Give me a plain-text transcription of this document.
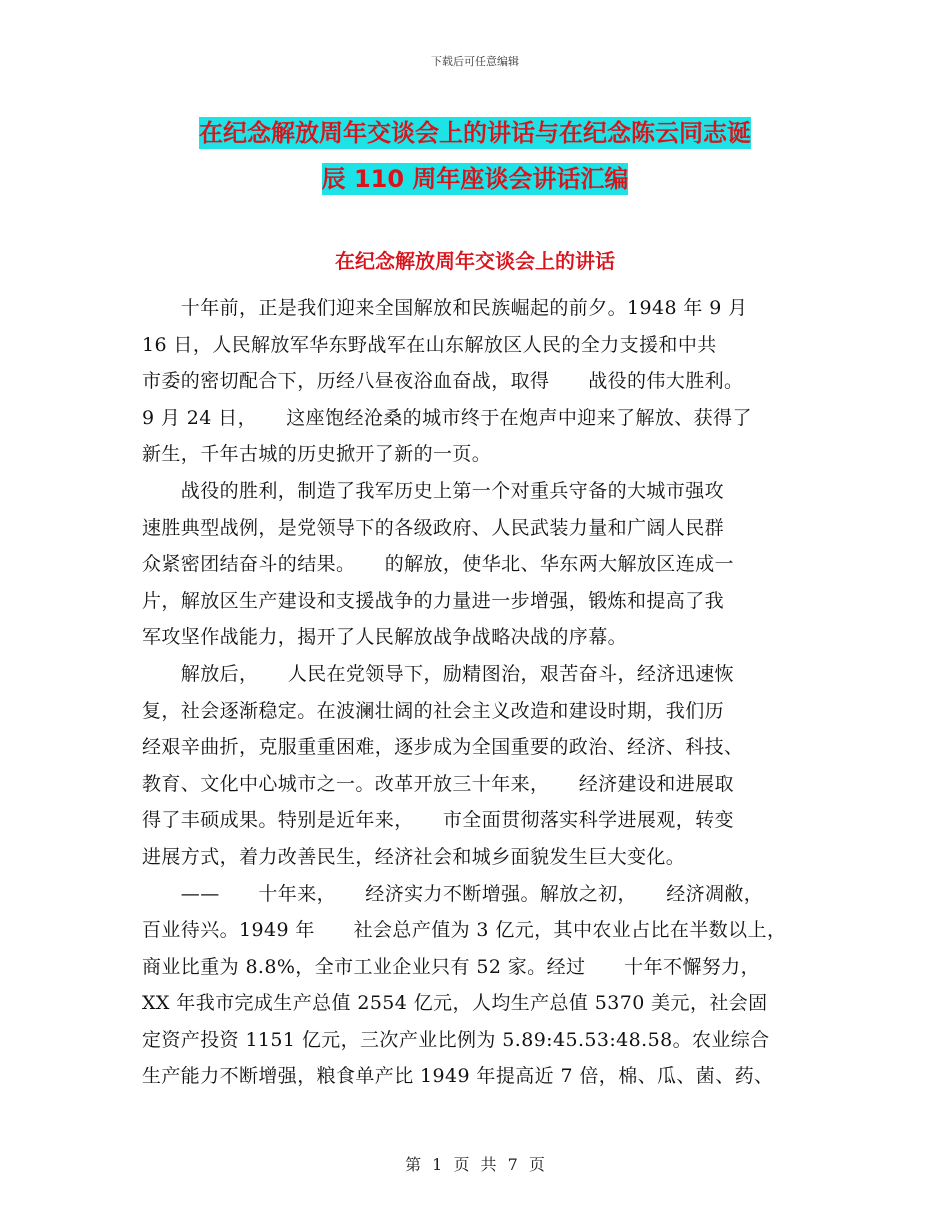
下载后可任意编辑
在纪念解放周年交谈会上的讲话与在纪念陈云同志诞
辰 110 周年座谈会讲话汇编
在纪念解放周年交谈会上的讲话
　　十年前，正是我们迎来全国解放和民族崛起的前夕。1948 年 9 月
16 日，人民解放军华东野战军在山东解放区人民的全力支援和中共
市委的密切配合下，历经八昼夜浴血奋战，取得　　战役的伟大胜利。
9 月 24 日，　　这座饱经沧桑的城市终于在炮声中迎来了解放、获得了
新生，千年古城的历史掀开了新的一页。
　　战役的胜利，制造了我军历史上第一个对重兵守备的大城市强攻
速胜典型战例，是党领导下的各级政府、人民武装力量和广阔人民群
众紧密团结奋斗的结果。　　的解放，使华北、华东两大解放区连成一
片，解放区生产建设和支援战争的力量进一步增强，锻炼和提高了我
军攻坚作战能力，揭开了人民解放战争战略决战的序幕。
　　解放后，　　人民在党领导下，励精图治，艰苦奋斗，经济迅速恢
复，社会逐渐稳定。在波澜壮阔的社会主义改造和建设时期，我们历
经艰辛曲折，克服重重困难，逐步成为全国重要的政治、经济、科技、
教育、文化中心城市之一。改革开放三十年来，　　经济建设和进展取
得了丰硕成果。特别是近年来，　　市全面贯彻落实科学进展观，转变
进展方式，着力改善民生，经济社会和城乡面貌发生巨大变化。
　　——　　十年来，　　经济实力不断增强。解放之初，　　经济凋敝，
百业待兴。1949 年　　社会总产值为 3 亿元，其中农业占比在半数以上，
商业比重为 8.8%，全市工业企业只有 52 家。经过　　十年不懈努力，
XX 年我市完成生产总值 2554 亿元，人均生产总值 5370 美元，社会固
定资产投资 1151 亿元，三次产业比例为 5.89:45.53:48.58。农业综合
生产能力不断增强，粮食单产比 1949 年提高近 7 倍，棉、瓜、菌、药、
第 1 页 共 7 页
